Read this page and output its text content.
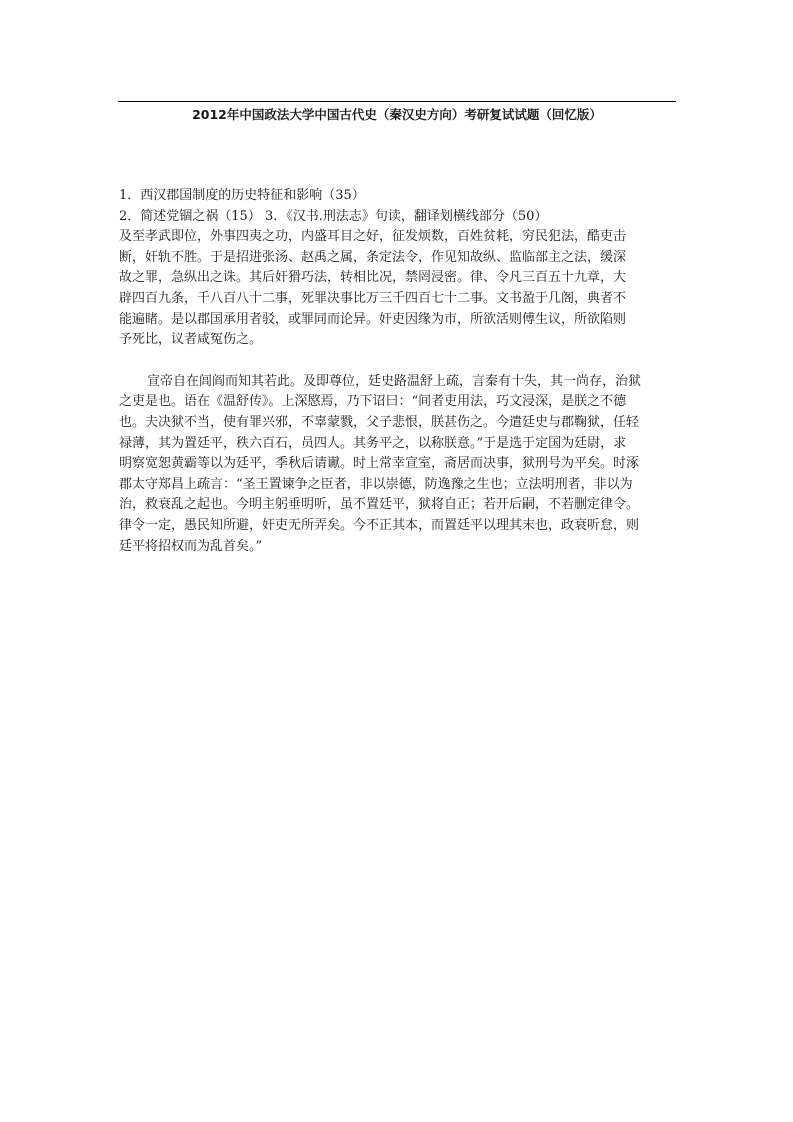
2012年中国政法大学中国古代史（秦汉史方向）考研复试试题（回忆版）
1．西汉郡国制度的历史特征和影响（35）
2．简述党锢之祸（15） 3．《汉书.刑法志》句读，翻译划横线部分（50）
及至孝武即位，外事四夷之功，内盛耳目之好，征发烦数，百姓贫耗，穷民犯法，酷吏击
断，奸轨不胜。于是招进张汤、赵禹之属，条定法令，作见知故纵、监临部主之法，缓深
故之罪，急纵出之诛。其后奸猾巧法，转相比况，禁罔浸密。律、令凡三百五十九章，大
辟四百九条，千八百八十二事，死罪决事比万三千四百七十二事。文书盈于几阁，典者不
能遍睹。是以郡国承用者驳，或罪同而论异。奸吏因缘为市，所欲活则傅生议，所欲陷则
予死比，议者咸冤伤之。
宣帝自在闾阎而知其若此。及即尊位，廷史路温舒上疏，言秦有十失，其一尚存，治狱
之吏是也。语在《温舒传》。上深愍焉，乃下诏曰：“间者吏用法，巧文浸深，是朕之不德
也。夫决狱不当，使有罪兴邪，不辜蒙戮，父子悲恨，朕甚伤之。今遣廷史与郡鞠狱，任轻
禄薄，其为置廷平，秩六百石，员四人。其务平之，以称朕意。”于是选于定国为廷尉，求
明察宽恕黄霸等以为廷平，季秋后请谳。时上常幸宣室，斋居而决事，狱刑号为平矣。时涿
郡太守郑昌上疏言：“圣王置谏争之臣者，非以崇德，防逸豫之生也；立法明刑者，非以为
治，救衰乱之起也。今明主躬垂明听，虽不置廷平，狱将自正；若开后嗣，不若删定律令。
律令一定，愚民知所避，奸吏无所弄矣。今不正其本，而置廷平以理其末也，政衰听怠，则
廷平将招权而为乱首矣。”
